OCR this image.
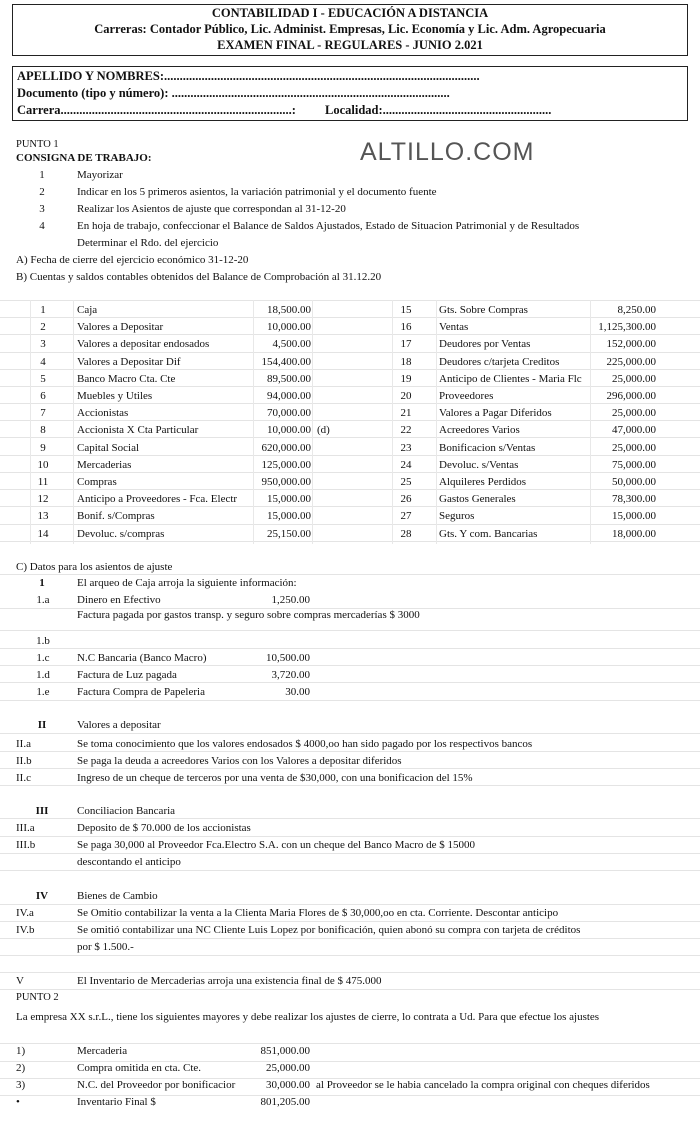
CONTABILIDAD I - EDUCACIÓN A DISTANCIA
Carreras: Contador Público, Lic. Administ. Empresas, Lic. Economía y Lic. Adm. Agropecuaria
EXAMEN FINAL - REGULARES - JUNIO 2.021
APELLIDO Y NOMBRES:.....................................................................................................
Documento (tipo y número): .........................................................................................
Carrera..........................................................................: Localidad:......................................................
ALTILLO.COM
PUNTO 1
CONSIGNA DE TRABAJO:
1	Mayorizar
2	Indicar en los 5 primeros asientos, la variación patrimonial y el documento fuente
3	Realizar los Asientos de ajuste que correspondan al 31-12-20
4	En hoja de trabajo, confeccionar el Balance de Saldos Ajustados, Estado de Situacion Patrimonial y de Resultados
Determinar el Rdo. del ejercicio
A) Fecha de cierre del ejercicio económico 31-12-20
B) Cuentas y saldos contables obtenidos del Balance de Comprobación al 31.12.20
1	Caja	18,500.00
2	Valores a Depositar	10,000.00
3	Valores a depositar endosados	4,500.00
4	Valores a Depositar Dif	154,400.00
5	Banco Macro Cta. Cte	89,500.00
6	Muebles y Utiles	94,000.00
7	Accionistas	70,000.00
8	Accionista X Cta Particular	10,000.00
9	Capital Social	620,000.00
10	Mercaderias	125,000.00
11	Compras	950,000.00
12	Anticipo a Proveedores - Fca. Electr	15,000.00
13	Bonif. s/Compras	15,000.00
14	Devoluc. s/compras	25,150.00
15	Gts. Sobre Compras	8,250.00
16	Ventas	1,125,300.00
17	Deudores por Ventas	152,000.00
18	Deudores c/tarjeta Creditos	225,000.00
19	Anticipo de Clientes - Maria Flc	25,000.00
20	Proveedores	296,000.00
21	Valores a Pagar Diferidos	25,000.00
22	Acreedores Varios	47,000.00
23	Bonificacion s/Ventas	25,000.00
24	Devoluc. s/Ventas	75,000.00
25	Alquileres Perdidos	50,000.00
26	Gastos Generales	78,300.00
27	Seguros	15,000.00
28	Gts. Y com. Bancarias	18,000.00
(d)
C) Datos para los asientos de ajuste
1	El arqueo de Caja arroja la siguiente información:
1.a	Dinero en Efectivo	1,250.00
Factura pagada por gastos transp. y seguro sobre compras mercaderías $ 3000
1.b
1.c	N.C Bancaria (Banco Macro)	10,500.00
1.d	Factura de Luz pagada	3,720.00
1.e	Factura Compra de Papeleria	30.00
II	Valores a depositar
II.a	Se toma conocimiento que los valores endosados $ 4000,oo han sido pagado por los respectivos bancos
II.b	Se paga la deuda a acreedores Varios con los Valores a depositar diferidos
II.c	Ingreso de un cheque de terceros por una venta de $30,000, con una bonificacion del 15%
III	Conciliacion Bancaria
III.a	Deposito de $ 70.000 de los accionistas
III.b	Se paga 30,000 al Proveedor Fca.Electro S.A. con un cheque del Banco Macro de $ 15000
descontando el anticipo
IV	Bienes de Cambio
IV.a	Se Omitio contabilizar la venta a la Clienta Maria Flores de $ 30,000,oo en cta. Corriente. Descontar anticipo
IV.b	Se omitió contabilizar una NC Cliente Luis Lopez por bonificación, quien abonó su compra con tarjeta de créditos
por $ 1.500.-
V	El Inventario de Mercaderias arroja una existencia final de $ 475.000
PUNTO 2
La empresa XX s.r.L., tiene los siguientes mayores y debe realizar los ajustes de cierre, lo contrata a Ud. Para que efectue los ajustes
1)	Mercaderia	851,000.00
2)	Compra omitida en cta. Cte.	25,000.00
3)	N.C. del Proveedor por bonificacior	30,000.00 al Proveedor se le habia cancelado la compra original con cheques diferidos
•	Inventario Final $	801,205.00
